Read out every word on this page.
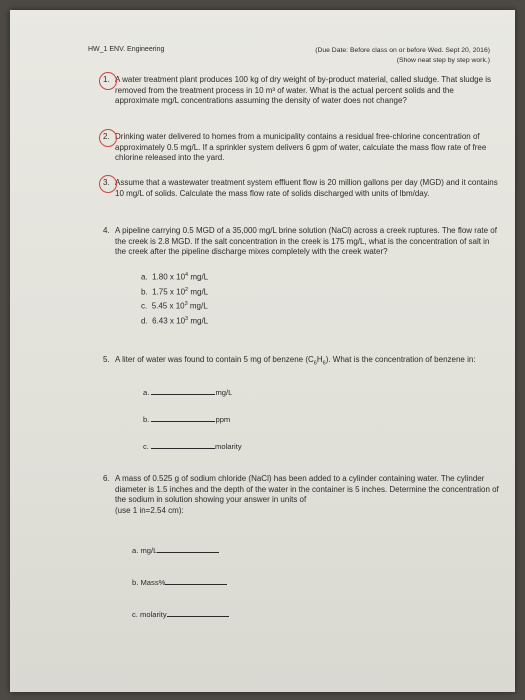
HW_1 ENV. Engineering	(Due Date: Before class on or before Wed. Sept 20, 2016)
(Show neat step by step work.)
1. A water treatment plant produces 100 kg of dry weight of by-product material, called sludge. That sludge is removed from the treatment process in 10 m³ of water. What is the actual percent solids and the approximate mg/L concentrations assuming the density of water does not change?
2. Drinking water delivered to homes from a municipality contains a residual free-chlorine concentration of approximately 0.5 mg/L. If a sprinkler system delivers 6 gpm of water, calculate the mass flow rate of free chlorine released into the yard.
3. Assume that a wastewater treatment system effluent flow is 20 million gallons per day (MGD) and it contains 10 mg/L of solids. Calculate the mass flow rate of solids discharged with units of lbm/day.
4. A pipeline carrying 0.5 MGD of a 35,000 mg/L brine solution (NaCl) across a creek ruptures. The flow rate of the creek is 2.8 MGD. If the salt concentration in the creek is 175 mg/L, what is the concentration of salt in the creek after the pipeline discharge mixes completely with the creek water?
a. 1.80 x $10^4$ mg/L
b. 1.75 x $10^2$ mg/L
c. 5.45 x $10^3$ mg/L
d. 6.43 x $10^3$ mg/L
5. A liter of water was found to contain 5 mg of benzene $(C_6H_6)$. What is the concentration of benzene in:
a.	mg/L
b.	ppm
c.	molarity
6. A mass of 0.525 g of sodium chloride (NaCl) has been added to a cylinder containing water. The cylinder diameter is 1.5 inches and the depth of the water in the container is 5 inches. Determine the concentration of the sodium in solution showing your answer in units of
(use 1 in=2.54 cm):
a. mg/L
b. Mass%
c. molarity
